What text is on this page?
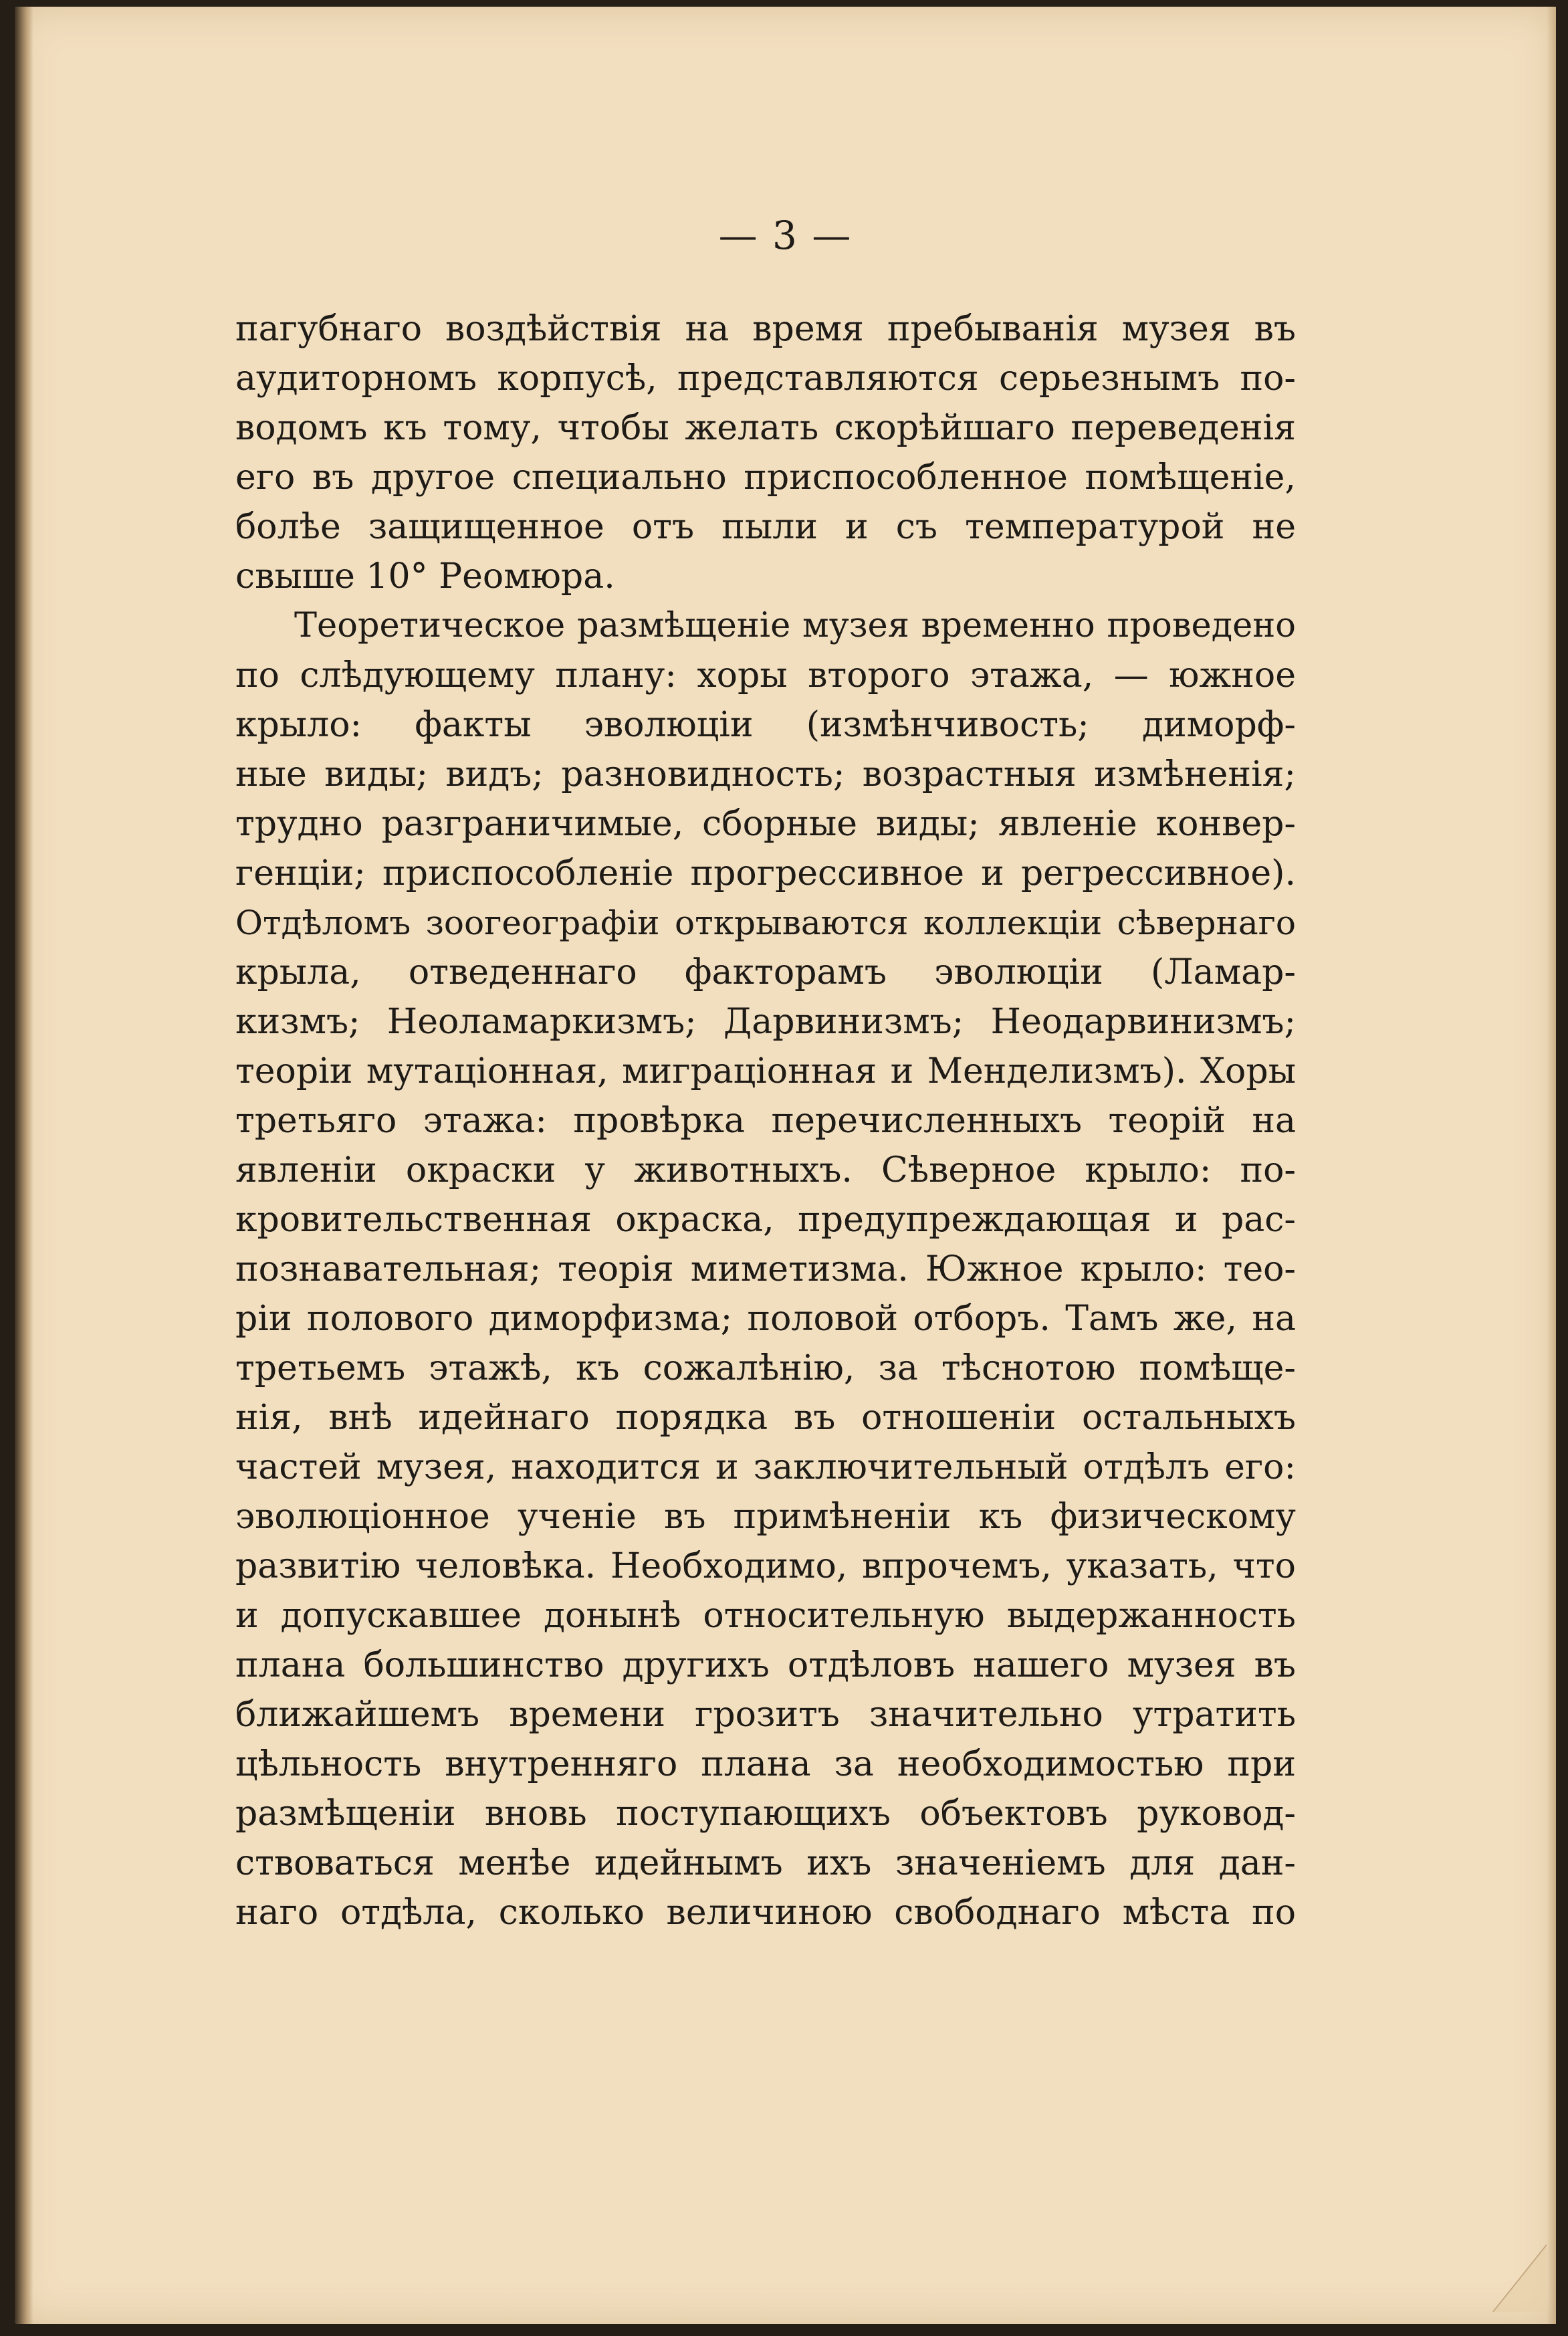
— 3 —

пагубнаго воздѣйствія на время пребыванія музея въ
аудиторномъ корпусѣ, представляются серьезнымъ по-
водомъ къ тому, чтобы желать скорѣйшаго переведенія
его въ другое специально приспособленное помѣщеніе,
болѣе защищенное отъ пыли и съ температурой не
свыше 10° Реомюра.
Теоретическое размѣщеніе музея временно проведено
по слѣдующему плану: хоры второго этажа, — южное
крыло: факты эволюціи (измѣнчивость; диморф-
ные виды; видъ; разновидность; возрастныя измѣненія;
трудно разграничимые, сборные виды; явленіе конвер-
генціи; приспособленіе прогрессивное и регрессивное).
Отдѣломъ зоогеографіи открываются коллекціи сѣвернаго
крыла, отведеннаго факторамъ эволюціи (Ламар-
кизмъ; Неоламаркизмъ; Дарвинизмъ; Неодарвинизмъ;
теоріи мутаціонная, миграціонная и Менделизмъ). Хоры
третьяго этажа: провѣрка перечисленныхъ теорій на
явленіи окраски у животныхъ. Сѣверное крыло: по-
кровительственная окраска, предупреждающая и рас-
познавательная; теорія миметизма. Южное крыло: тео-
ріи полового диморфизма; половой отборъ. Тамъ же, на
третьемъ этажѣ, къ сожалѣнію, за тѣснотою помѣще-
нія, внѣ идейнаго порядка въ отношеніи остальныхъ
частей музея, находится и заключительный отдѣлъ его:
эволюціонное ученіе въ примѣненіи къ физическому
развитію человѣка. Необходимо, впрочемъ, указать, что
и допускавшее донынѣ относительную выдержанность
плана большинство другихъ отдѣловъ нашего музея въ
ближайшемъ времени грозитъ значительно утратить
цѣльность внутренняго плана за необходимостью при
размѣщеніи вновь поступающихъ объектовъ руковод-
ствоваться менѣе идейнымъ ихъ значеніемъ для дан-
наго отдѣла, сколько величиною свободнаго мѣста по
